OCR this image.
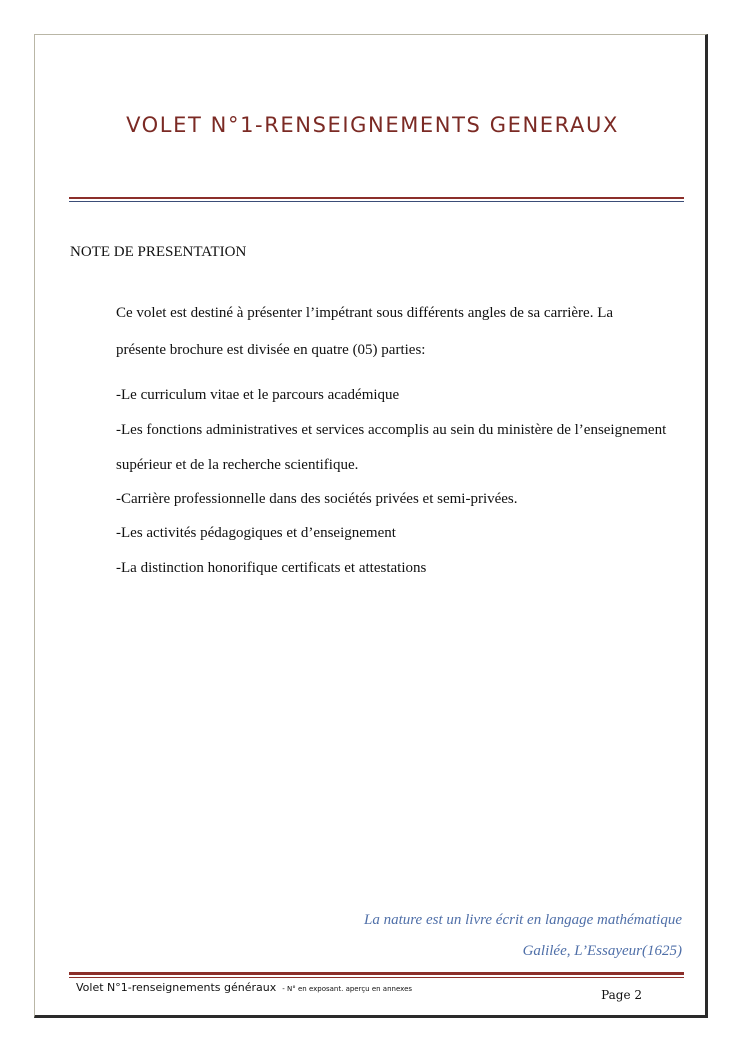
VOLET N°1-RENSEIGNEMENTS GENERAUX
NOTE DE PRESENTATION
Ce volet est destiné à présenter l’impétrant sous différents angles de sa carrière. La
présente brochure est divisée en quatre (05) parties:
-Le curriculum vitae et le parcours académique
-Les fonctions administratives et services accomplis au sein du ministère de l’enseignement
supérieur et de la recherche scientifique.
-Carrière professionnelle dans des sociétés privées et semi-privées.
-Les activités pédagogiques et d’enseignement
-La distinction honorifique certificats et attestations
La nature est un livre écrit en langage mathématique
Galilée, L’Essayeur(1625)
Volet N°1-renseignements généraux - N° en exposant. aperçu en annexes	Page 2
